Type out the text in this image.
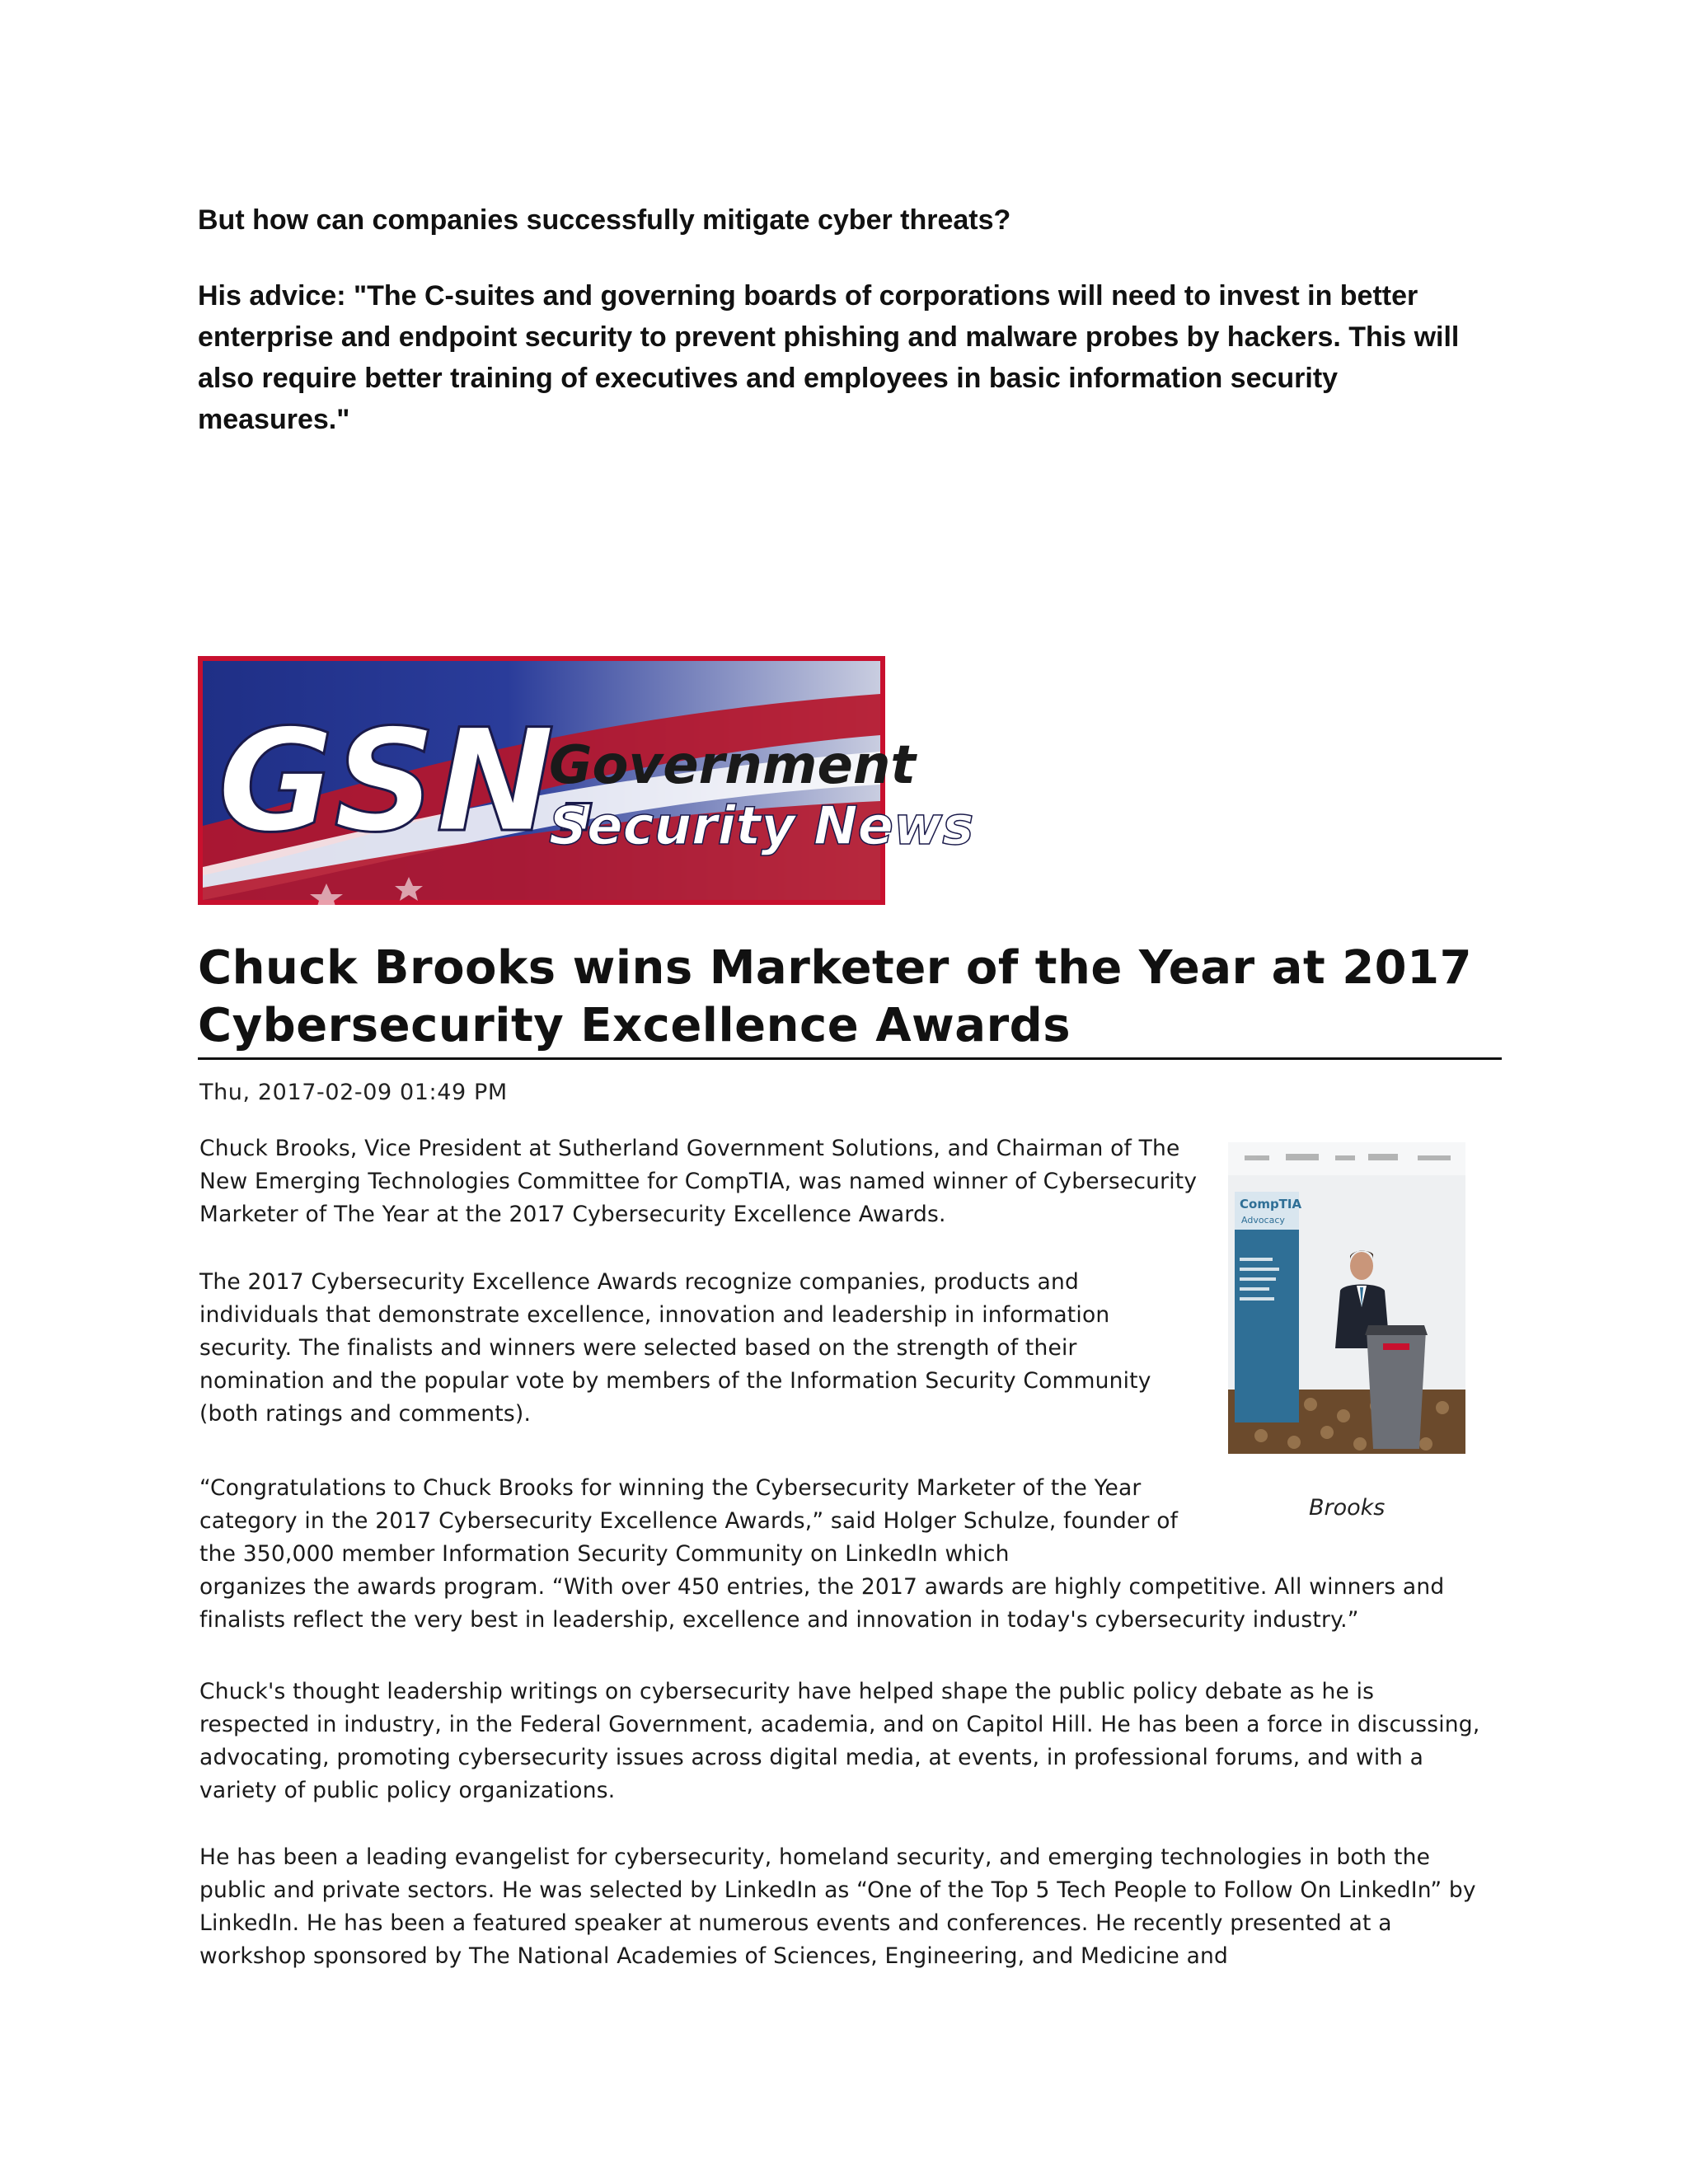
But how can companies successfully mitigate cyber threats?

His advice: "The C-suites and governing boards of corporations will need to invest in better enterprise and endpoint security to prevent phishing and malware probes by hackers. This will also require better training of executives and employees in basic information security measures."

GSN.
Government
Security News
Chuck Brooks wins Marketer of the Year at 2017 Cybersecurity Excellence Awards
Thu, 2017-02-09 01:49 PM

Chuck Brooks, Vice President at Sutherland Government Solutions, and Chairman of The New Emerging Technologies Committee for CompTIA, was named winner of Cybersecurity Marketer of The Year at the 2017 Cybersecurity Excellence Awards.

The 2017 Cybersecurity Excellence Awards recognize companies, products and individuals that demonstrate excellence, innovation and leadership in information security. The finalists and winners were selected based on the strength of their nomination and the popular vote by members of the Information Security Community (both ratings and comments).

“Congratulations to Chuck Brooks for winning the Cybersecurity Marketer of the Year category in the 2017 Cybersecurity Excellence Awards,” said Holger Schulze, founder of the 350,000 member Information Security Community on LinkedIn which

organizes the awards program. “With over 450 entries, the 2017 awards are highly competitive. All winners and finalists reflect the very best in leadership, excellence and innovation in today's cybersecurity industry.”

Chuck's thought leadership writings on cybersecurity have helped shape the public policy debate as he is respected in industry, in the Federal Government, academia, and on Capitol Hill. He has been a force in discussing, advocating, promoting cybersecurity issues across digital media, at events, in professional forums, and with a variety of public policy organizations.

He has been a leading evangelist for cybersecurity, homeland security, and emerging technologies in both the public and private sectors. He was selected by LinkedIn as “One of the Top 5 Tech People to Follow On LinkedIn” by LinkedIn. He has been a featured speaker at numerous events and conferences. He recently presented at a workshop sponsored by The National Academies of Sciences, Engineering, and Medicine and

CompTIA
Advocacy
Brooks
